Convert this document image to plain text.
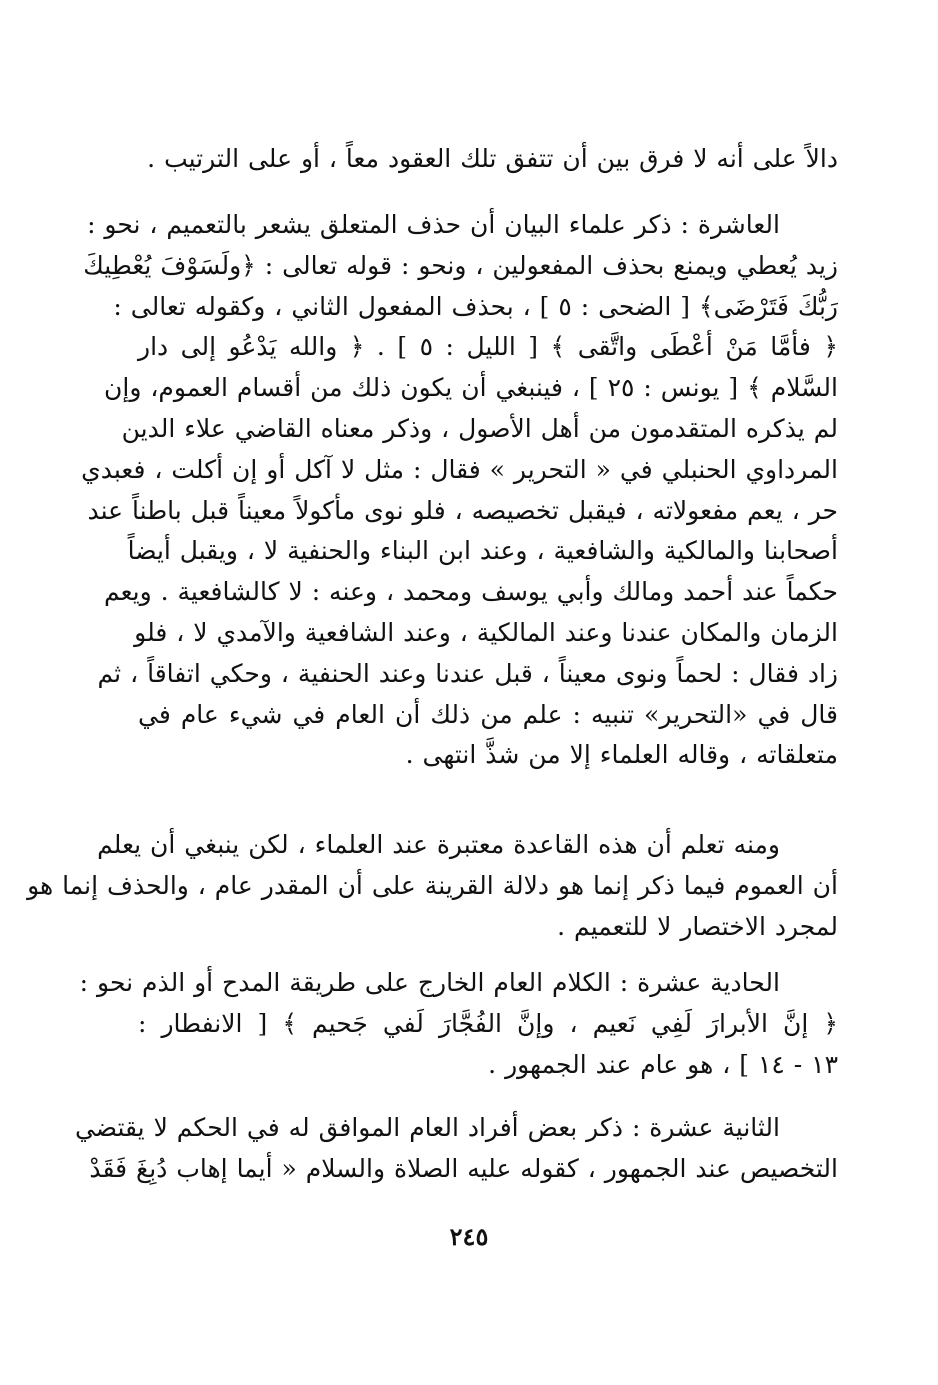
دالاً على أنه لا فرق بين أن تتفق تلك العقود معاً ، أو على الترتيب .
العاشرة : ذكر علماء البيان أن حذف المتعلق يشعر بالتعميم ، نحو :
زيد يُعطي ويمنع بحذف المفعولين ، ونحو : قوله تعالى : ﴿ولَسَوْفَ يُعْطِيكَ
رَبُّكَ فَتَرْضَى﴾ [ الضحى : ٥ ] ، بحذف المفعول الثاني ، وكقوله تعالى :
﴿ فأمَّا مَنْ أعْطَى واتَّقى ﴾ [ الليل : ٥ ] . ﴿ والله يَدْعُو إلى دار
السَّلام ﴾ [ يونس : ٢٥ ] ، فينبغي أن يكون ذلك من أقسام العموم، وإن
لم يذكره المتقدمون من أهل الأصول ، وذكر معناه القاضي علاء الدين
المرداوي الحنبلي في « التحرير » فقال : مثل لا آكل أو إن أكلت ، فعبدي
حر ، يعم مفعولاته ، فيقبل تخصيصه ، فلو نوى مأكولاً معيناً قبل باطناً عند
أصحابنا والمالكية والشافعية ، وعند ابن البناء والحنفية لا ، ويقبل أيضاً
حكماً عند أحمد ومالك وأبي يوسف ومحمد ، وعنه : لا كالشافعية . ويعم
الزمان والمكان عندنا وعند المالكية ، وعند الشافعية والآمدي لا ، فلو
زاد فقال : لحماً ونوى معيناً ، قبل عندنا وعند الحنفية ، وحكي اتفاقاً ، ثم
قال في «التحرير» تنبيه : علم من ذلك أن العام في شيء عام في
متعلقاته ، وقاله العلماء إلا من شذَّ انتهى .
ومنه تعلم أن هذه القاعدة معتبرة عند العلماء ، لكن ينبغي أن يعلم
أن العموم فيما ذكر إنما هو دلالة القرينة على أن المقدر عام ، والحذف إنما هو
لمجرد الاختصار لا للتعميم .
الحادية عشرة : الكلام العام الخارج على طريقة المدح أو الذم نحو :
﴿ إنَّ الأبرارَ لَفِي نَعيم ، وإنَّ الفُجَّارَ لَفي جَحيم ﴾ [ الانفطار :
١٣ - ١٤ ] ، هو عام عند الجمهور .
الثانية عشرة : ذكر بعض أفراد العام الموافق له في الحكم لا يقتضي
التخصيص عند الجمهور ، كقوله عليه الصلاة والسلام « أيما إهاب دُبِغَ فَقَدْ
٢٤٥
